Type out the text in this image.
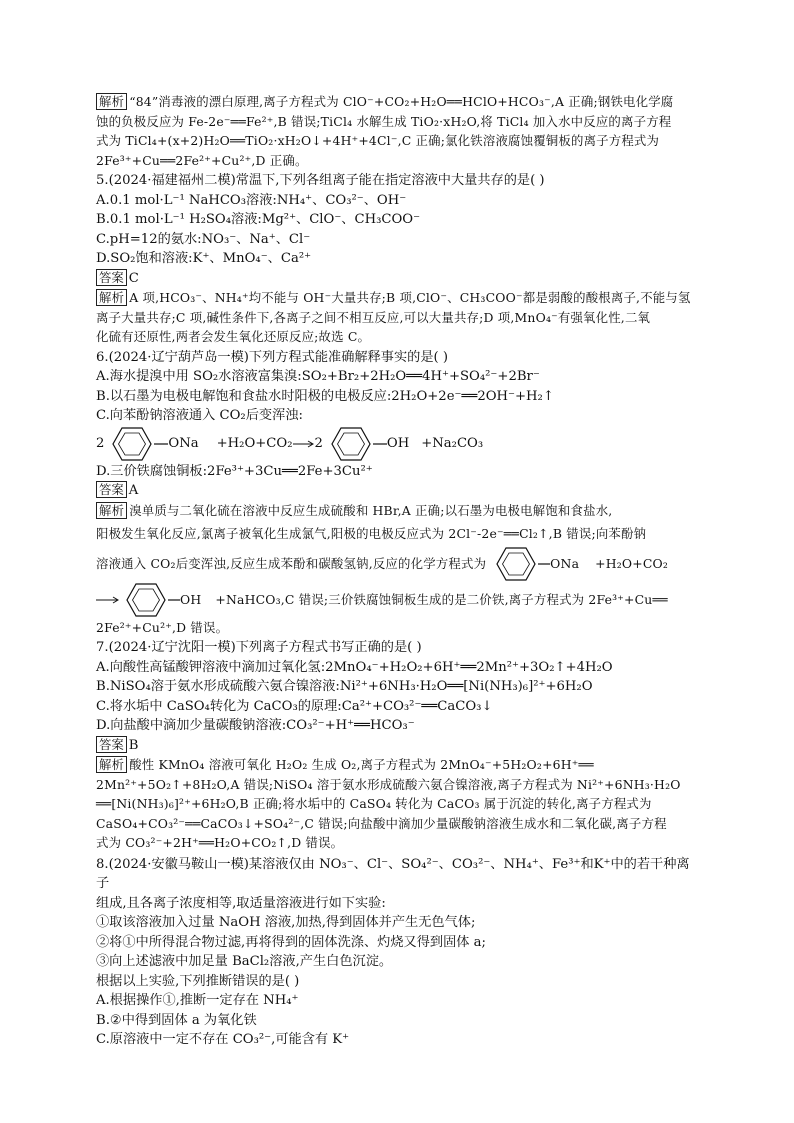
解析 “84”消毒液的漂白原理,离子方程式为 ClO⁻+CO₂+H₂O══HClO+HCO₃⁻,A 正确;钢铁电化学腐

蚀的负极反应为 Fe-2e⁻══Fe²⁺,B 错误;TiCl₄ 水解生成 TiO₂·xH₂O,将 TiCl₄ 加入水中反应的离子方程

式为 TiCl₄+(x+2)H₂O══TiO₂·xH₂O↓+4H⁺+4Cl⁻,C 正确;氯化铁溶液腐蚀覆铜板的离子方程式为

2Fe³⁺+Cu══2Fe²⁺+Cu²⁺,D 正确。

5.(2024·福建福州二模)常温下,下列各组离子能在指定溶液中大量共存的是( )

A.0.1 mol·L⁻¹ NaHCO₃溶液:NH₄⁺、CO₃²⁻、OH⁻

B.0.1 mol·L⁻¹ H₂SO₄溶液:Mg²⁺、ClO⁻、CH₃COO⁻

C.pH=12的氨水:NO₃⁻、Na⁺、Cl⁻

D.SO₂饱和溶液:K⁺、MnO₄⁻、Ca²⁺

答案 C

解析 A 项,HCO₃⁻、NH₄⁺均不能与 OH⁻大量共存;B 项,ClO⁻、CH₃COO⁻都是弱酸的酸根离子,不能与氢

离子大量共存;C 项,碱性条件下,各离子之间不相互反应,可以大量共存;D 项,MnO₄⁻有强氧化性,二氧

化硫有还原性,两者会发生氧化还原反应;故选 C。

6.(2024·辽宁葫芦岛一模)下列方程式能准确解释事实的是( )

A.海水提溴中用 SO₂水溶液富集溴:SO₂+Br₂+2H₂O══4H⁺+SO₄²⁻+2Br⁻

B.以石墨为电极电解饱和食盐水时阳极的电极反应:2H₂O+2e⁻══2OH⁻+H₂↑

C.向苯酚钠溶液通入 CO₂后变浑浊:

2	ONa +H₂O+CO₂ 2	OH +Na₂CO₃

D.三价铁腐蚀铜板:2Fe³⁺+3Cu══2Fe+3Cu²⁺

答案 A

解析 溴单质与二氧化硫在溶液中反应生成硫酸和 HBr,A 正确;以石墨为电极电解饱和食盐水,

阳极发生氧化反应,氯离子被氧化生成氯气,阳极的电极反应式为 2Cl⁻-2e⁻══Cl₂↑,B 错误;向苯酚钠

溶液通入 CO₂后变浑浊,反应生成苯酚和碳酸氢钠,反应的化学方程式为	ONa +H₂O+CO₂
OH +NaHCO₃,C 错误;三价铁腐蚀铜板生成的是二价铁,离子方程式为 2Fe³⁺+Cu══

2Fe²⁺+Cu²⁺,D 错误。

7.(2024·辽宁沈阳一模)下列离子方程式书写正确的是( )

A.向酸性高锰酸钾溶液中滴加过氧化氢:2MnO₄⁻+H₂O₂+6H⁺══2Mn²⁺+3O₂↑+4H₂O

B.NiSO₄溶于氨水形成硫酸六氨合镍溶液:Ni²⁺+6NH₃·H₂O══[Ni(NH₃)₆]²⁺+6H₂O

C.将水垢中 CaSO₄转化为 CaCO₃的原理:Ca²⁺+CO₃²⁻══CaCO₃↓

D.向盐酸中滴加少量碳酸钠溶液:CO₃²⁻+H⁺══HCO₃⁻

答案 B

解析 酸性 KMnO₄ 溶液可氧化 H₂O₂ 生成 O₂,离子方程式为 2MnO₄⁻+5H₂O₂+6H⁺══

2Mn²⁺+5O₂↑+8H₂O,A 错误;NiSO₄ 溶于氨水形成硫酸六氨合镍溶液,离子方程式为 Ni²⁺+6NH₃·H₂O

══[Ni(NH₃)₆]²⁺+6H₂O,B 正确;将水垢中的 CaSO₄ 转化为 CaCO₃ 属于沉淀的转化,离子方程式为

CaSO₄+CO₃²⁻══CaCO₃↓+SO₄²⁻,C 错误;向盐酸中滴加少量碳酸钠溶液生成水和二氧化碳,离子方程

式为 CO₃²⁻+2H⁺══H₂O+CO₂↑,D 错误。

8.(2024·安徽马鞍山一模)某溶液仅由 NO₃⁻、Cl⁻、SO₄²⁻、CO₃²⁻、NH₄⁺、Fe³⁺和K⁺中的若干种离子

组成,且各离子浓度相等,取适量溶液进行如下实验:

①取该溶液加入过量 NaOH 溶液,加热,得到固体并产生无色气体;

②将①中所得混合物过滤,再将得到的固体洗涤、灼烧又得到固体 a;

③向上述滤液中加足量 BaCl₂溶液,产生白色沉淀。

根据以上实验,下列推断错误的是( )

A.根据操作①,推断一定存在 NH₄⁺

B.②中得到固体 a 为氧化铁

C.原溶液中一定不存在 CO₃²⁻,可能含有 K⁺
